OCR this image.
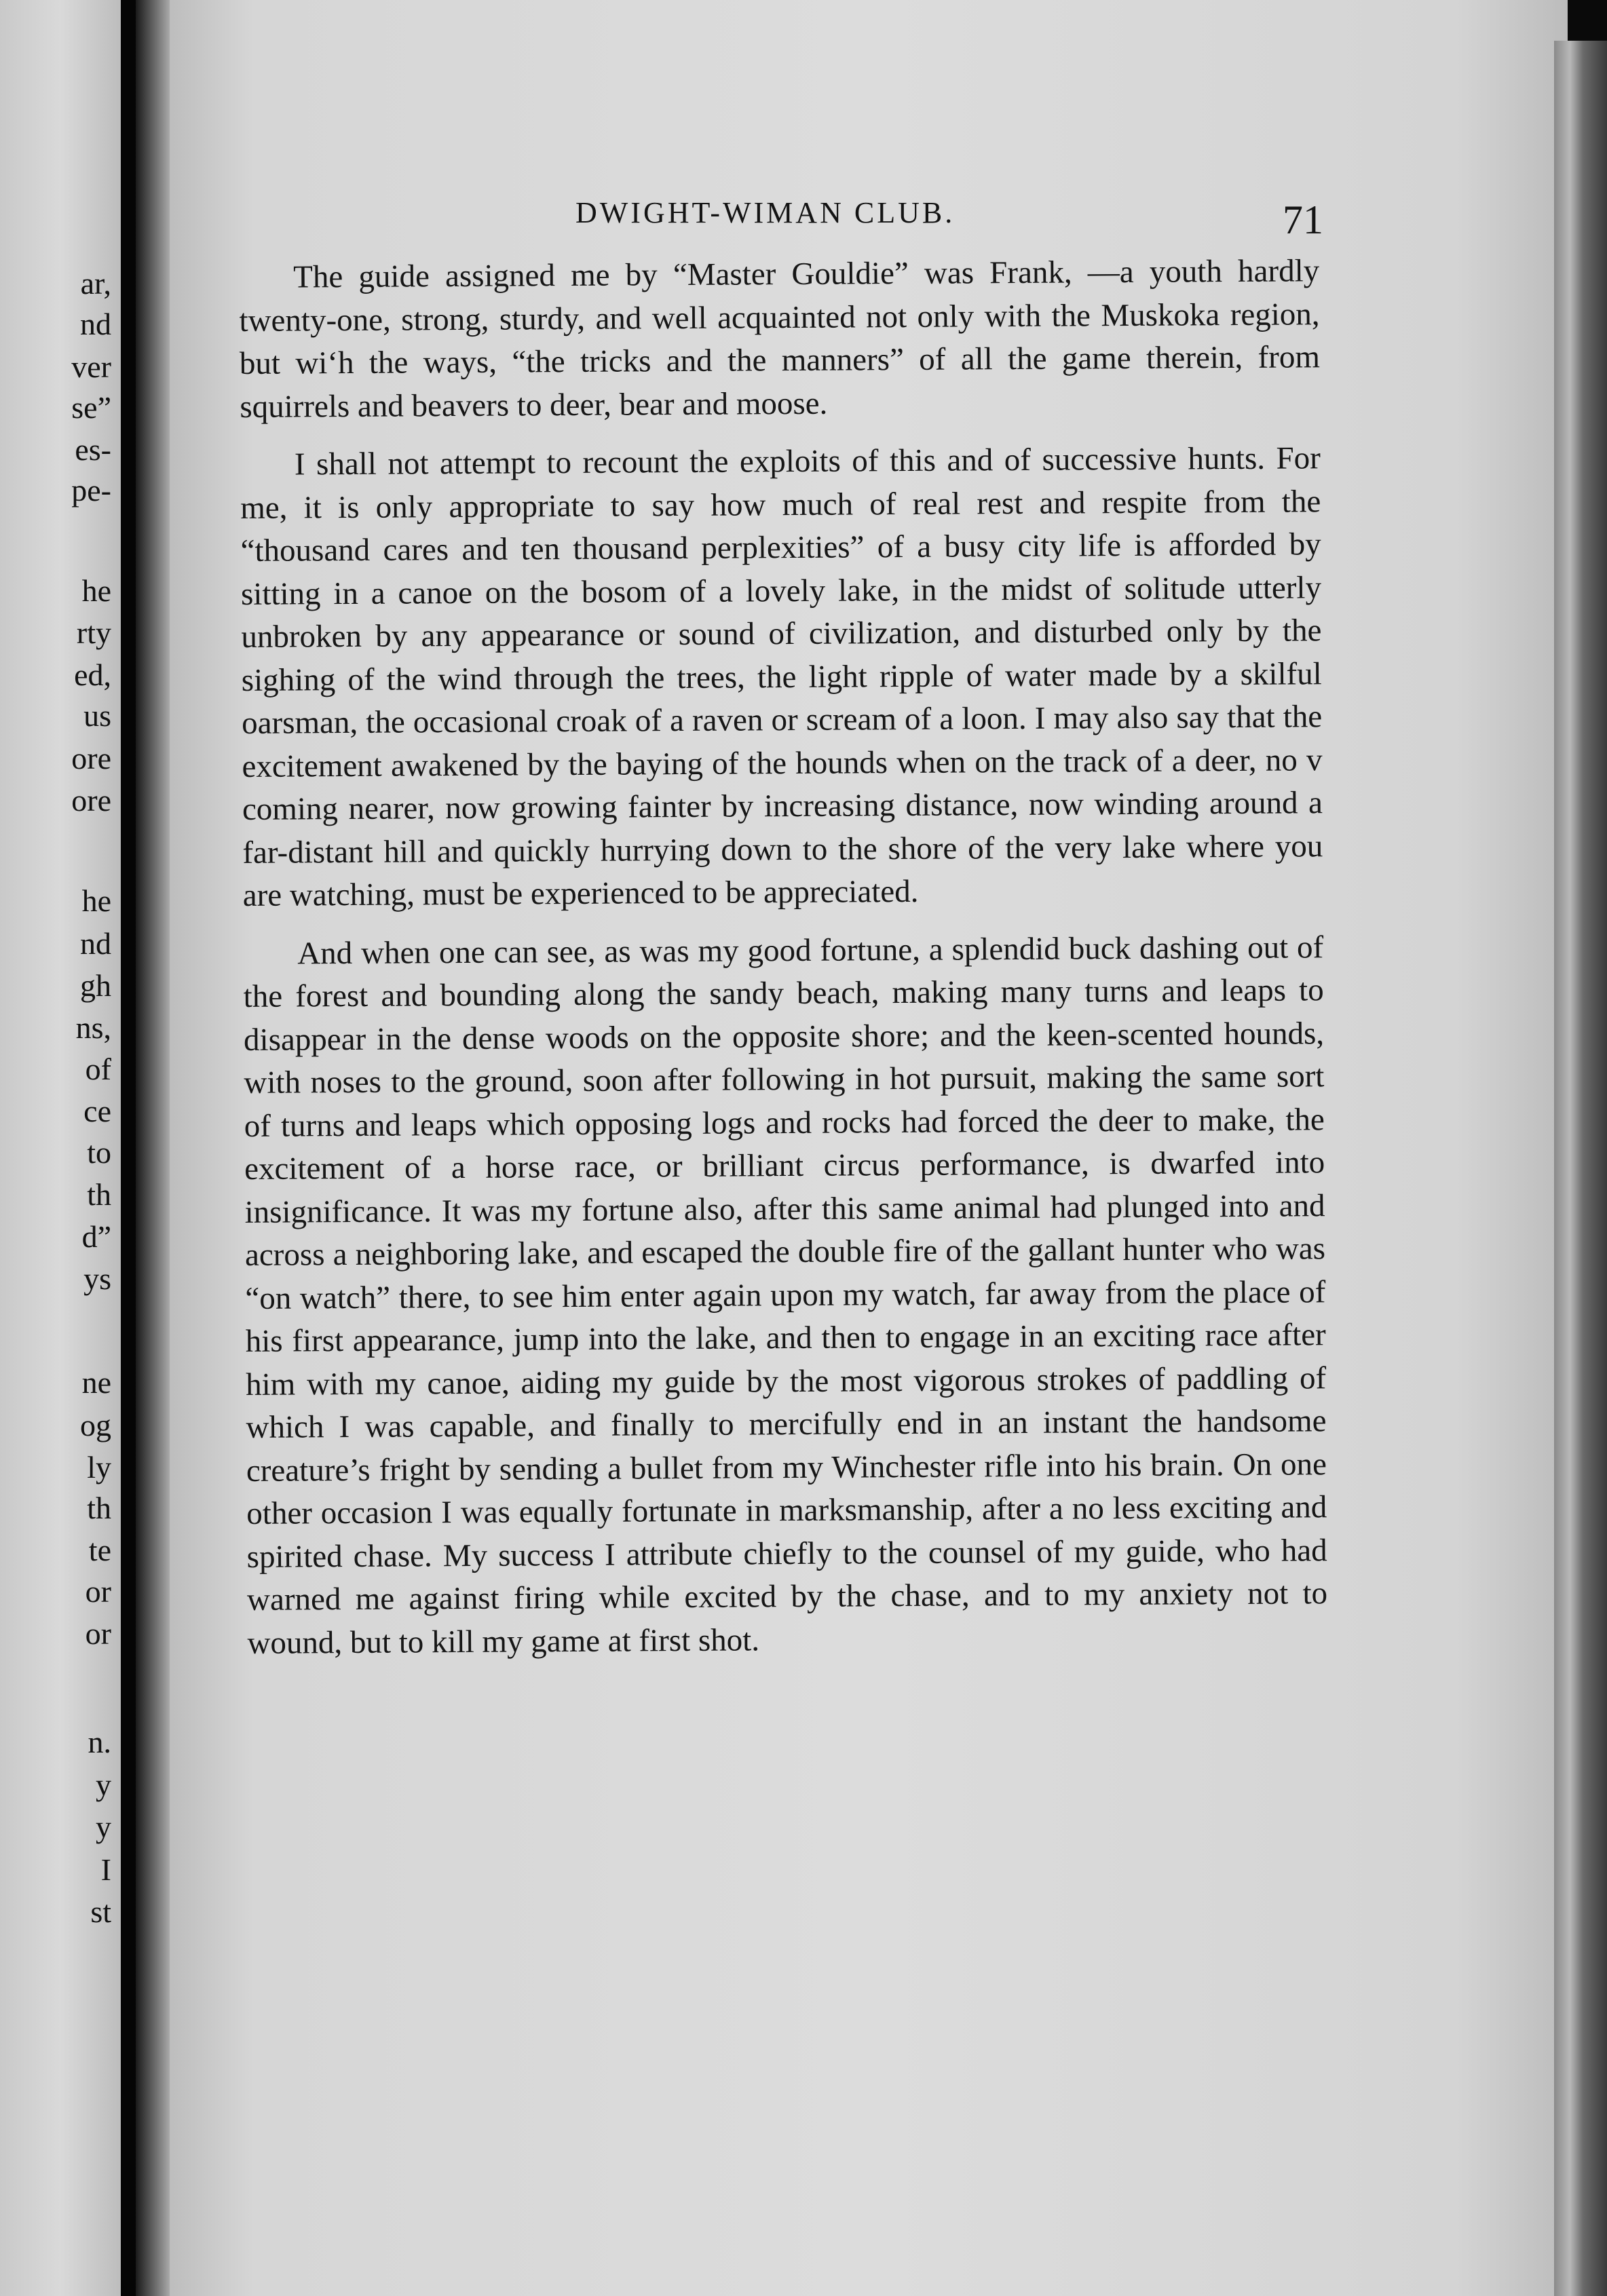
ar,
nd
ver
se”
es-
pe-
he
rty
ed,
us
ore
ore
he
nd
gh
ns,
of
ce
to
th
d”
ys
ne
og
ly
th
te
or
or
n.
y
y
I
st
DWIGHT-WIMAN CLUB.	71

The guide assigned me by “Master Gouldie” was Frank, —a youth hardly twenty-one, strong, sturdy, and well acquainted not only with the Muskoka region, but wi‘h the ways, “the tricks and the manners” of all the game therein, from squirrels and beavers to deer, bear and moose.

I shall not attempt to recount the exploits of this and of successive hunts. For me, it is only appropriate to say how much of real rest and respite from the “thousand cares and ten thousand perplexities” of a busy city life is afforded by sitting in a canoe on the bosom of a lovely lake, in the midst of solitude utterly unbroken by any appearance or sound of civilization, and disturbed only by the sighing of the wind through the trees, the light ripple of water made by a skilful oarsman, the occasional croak of a raven or scream of a loon. I may also say that the excitement awakened by the baying of the hounds when on the track of a deer, no v coming nearer, now growing fainter by increasing distance, now winding around a far-distant hill and quickly hurrying down to the shore of the very lake where you are watching, must be experienced to be appreciated.

And when one can see, as was my good fortune, a splendid buck dashing out of the forest and bounding along the sandy beach, making many turns and leaps to disappear in the dense woods on the opposite shore; and the keen-scented hounds, with noses to the ground, soon after following in hot pursuit, making the same sort of turns and leaps which opposing logs and rocks had forced the deer to make, the excitement of a horse race, or brilliant circus performance, is dwarfed into insignificance. It was my fortune also, after this same animal had plunged into and across a neighboring lake, and escaped the double fire of the gallant hunter who was “on watch” there, to see him enter again upon my watch, far away from the place of his first appearance, jump into the lake, and then to engage in an exciting race after him with my canoe, aiding my guide by the most vigorous strokes of paddling of which I was capable, and finally to mercifully end in an instant the handsome creature’s fright by sending a bullet from my Winchester rifle into his brain. On one other occasion I was equally fortunate in marksmanship, after a no less exciting and spirited chase. My success I attribute chiefly to the counsel of my guide, who had warned me against firing while excited by the chase, and to my anxiety not to wound, but to kill my game at first shot.
